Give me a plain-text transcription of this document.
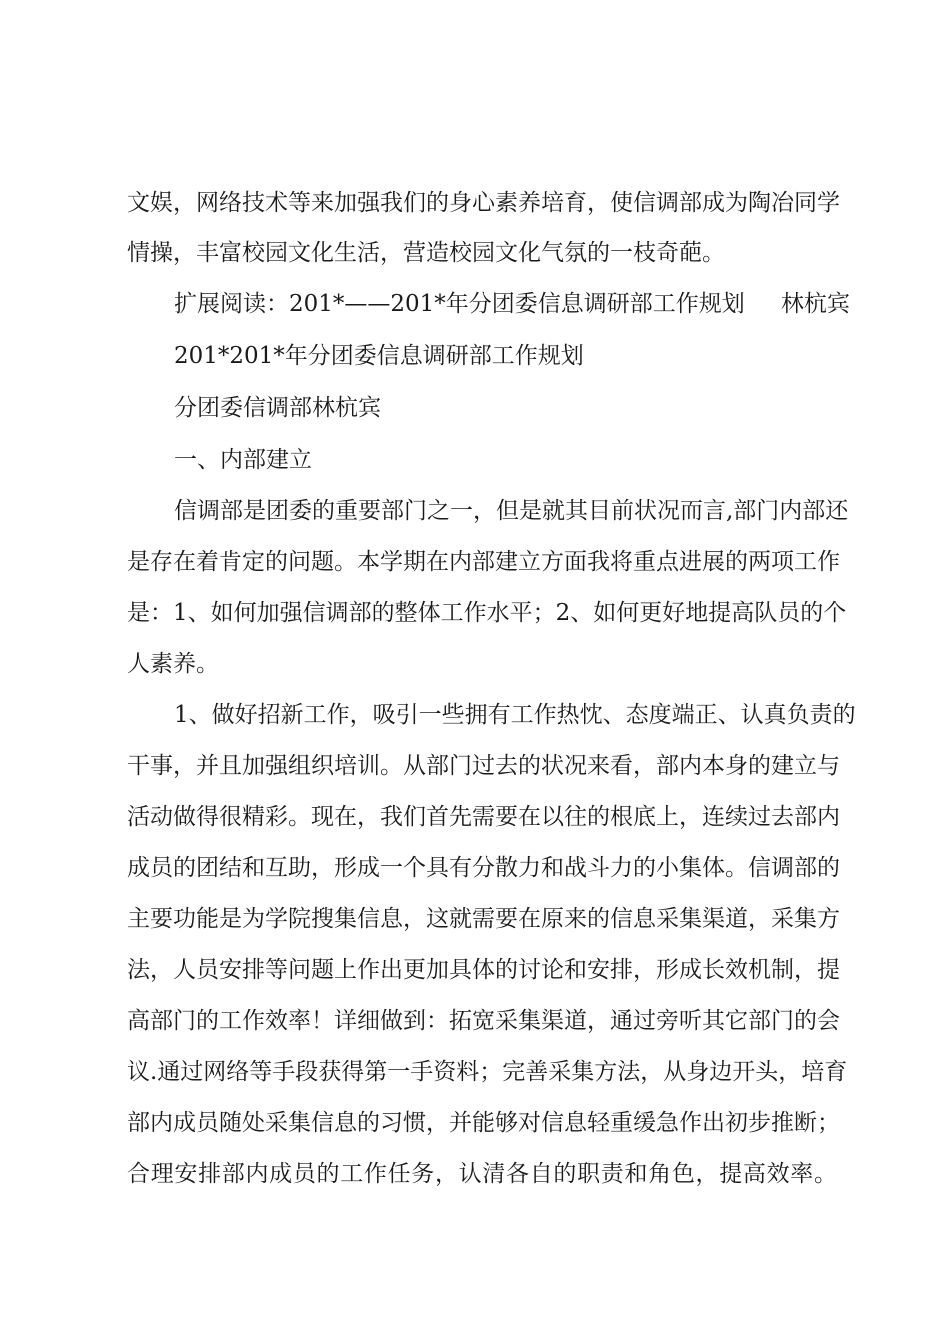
文娱，网络技术等来加强我们的身心素养培育，使信调部成为陶冶同学
情操，丰富校园文化生活，营造校园文化气氛的一枝奇葩。
扩展阅读：201*——201*年分团委信息调研部工作规划 林杭宾
201*201*年分团委信息调研部工作规划
分团委信调部林杭宾
一、内部建立
信调部是团委的重要部门之一，但是就其目前状况而言,部门内部还
是存在着肯定的问题。本学期在内部建立方面我将重点进展的两项工作
是：1、如何加强信调部的整体工作水平；2、如何更好地提高队员的个
人素养。
1、做好招新工作，吸引一些拥有工作热忱、态度端正、认真负责的
干事，并且加强组织培训。从部门过去的状况来看，部内本身的建立与
活动做得很精彩。现在，我们首先需要在以往的根底上，连续过去部内
成员的团结和互助，形成一个具有分散力和战斗力的小集体。信调部的
主要功能是为学院搜集信息，这就需要在原来的信息采集渠道，采集方
法，人员安排等问题上作出更加具体的讨论和安排，形成长效机制，提
高部门的工作效率！详细做到：拓宽采集渠道，通过旁听其它部门的会
议.通过网络等手段获得第一手资料；完善采集方法，从身边开头，培育
部内成员随处采集信息的习惯，并能够对信息轻重缓急作出初步推断；
合理安排部内成员的工作任务，认清各自的职责和角色，提高效率。
